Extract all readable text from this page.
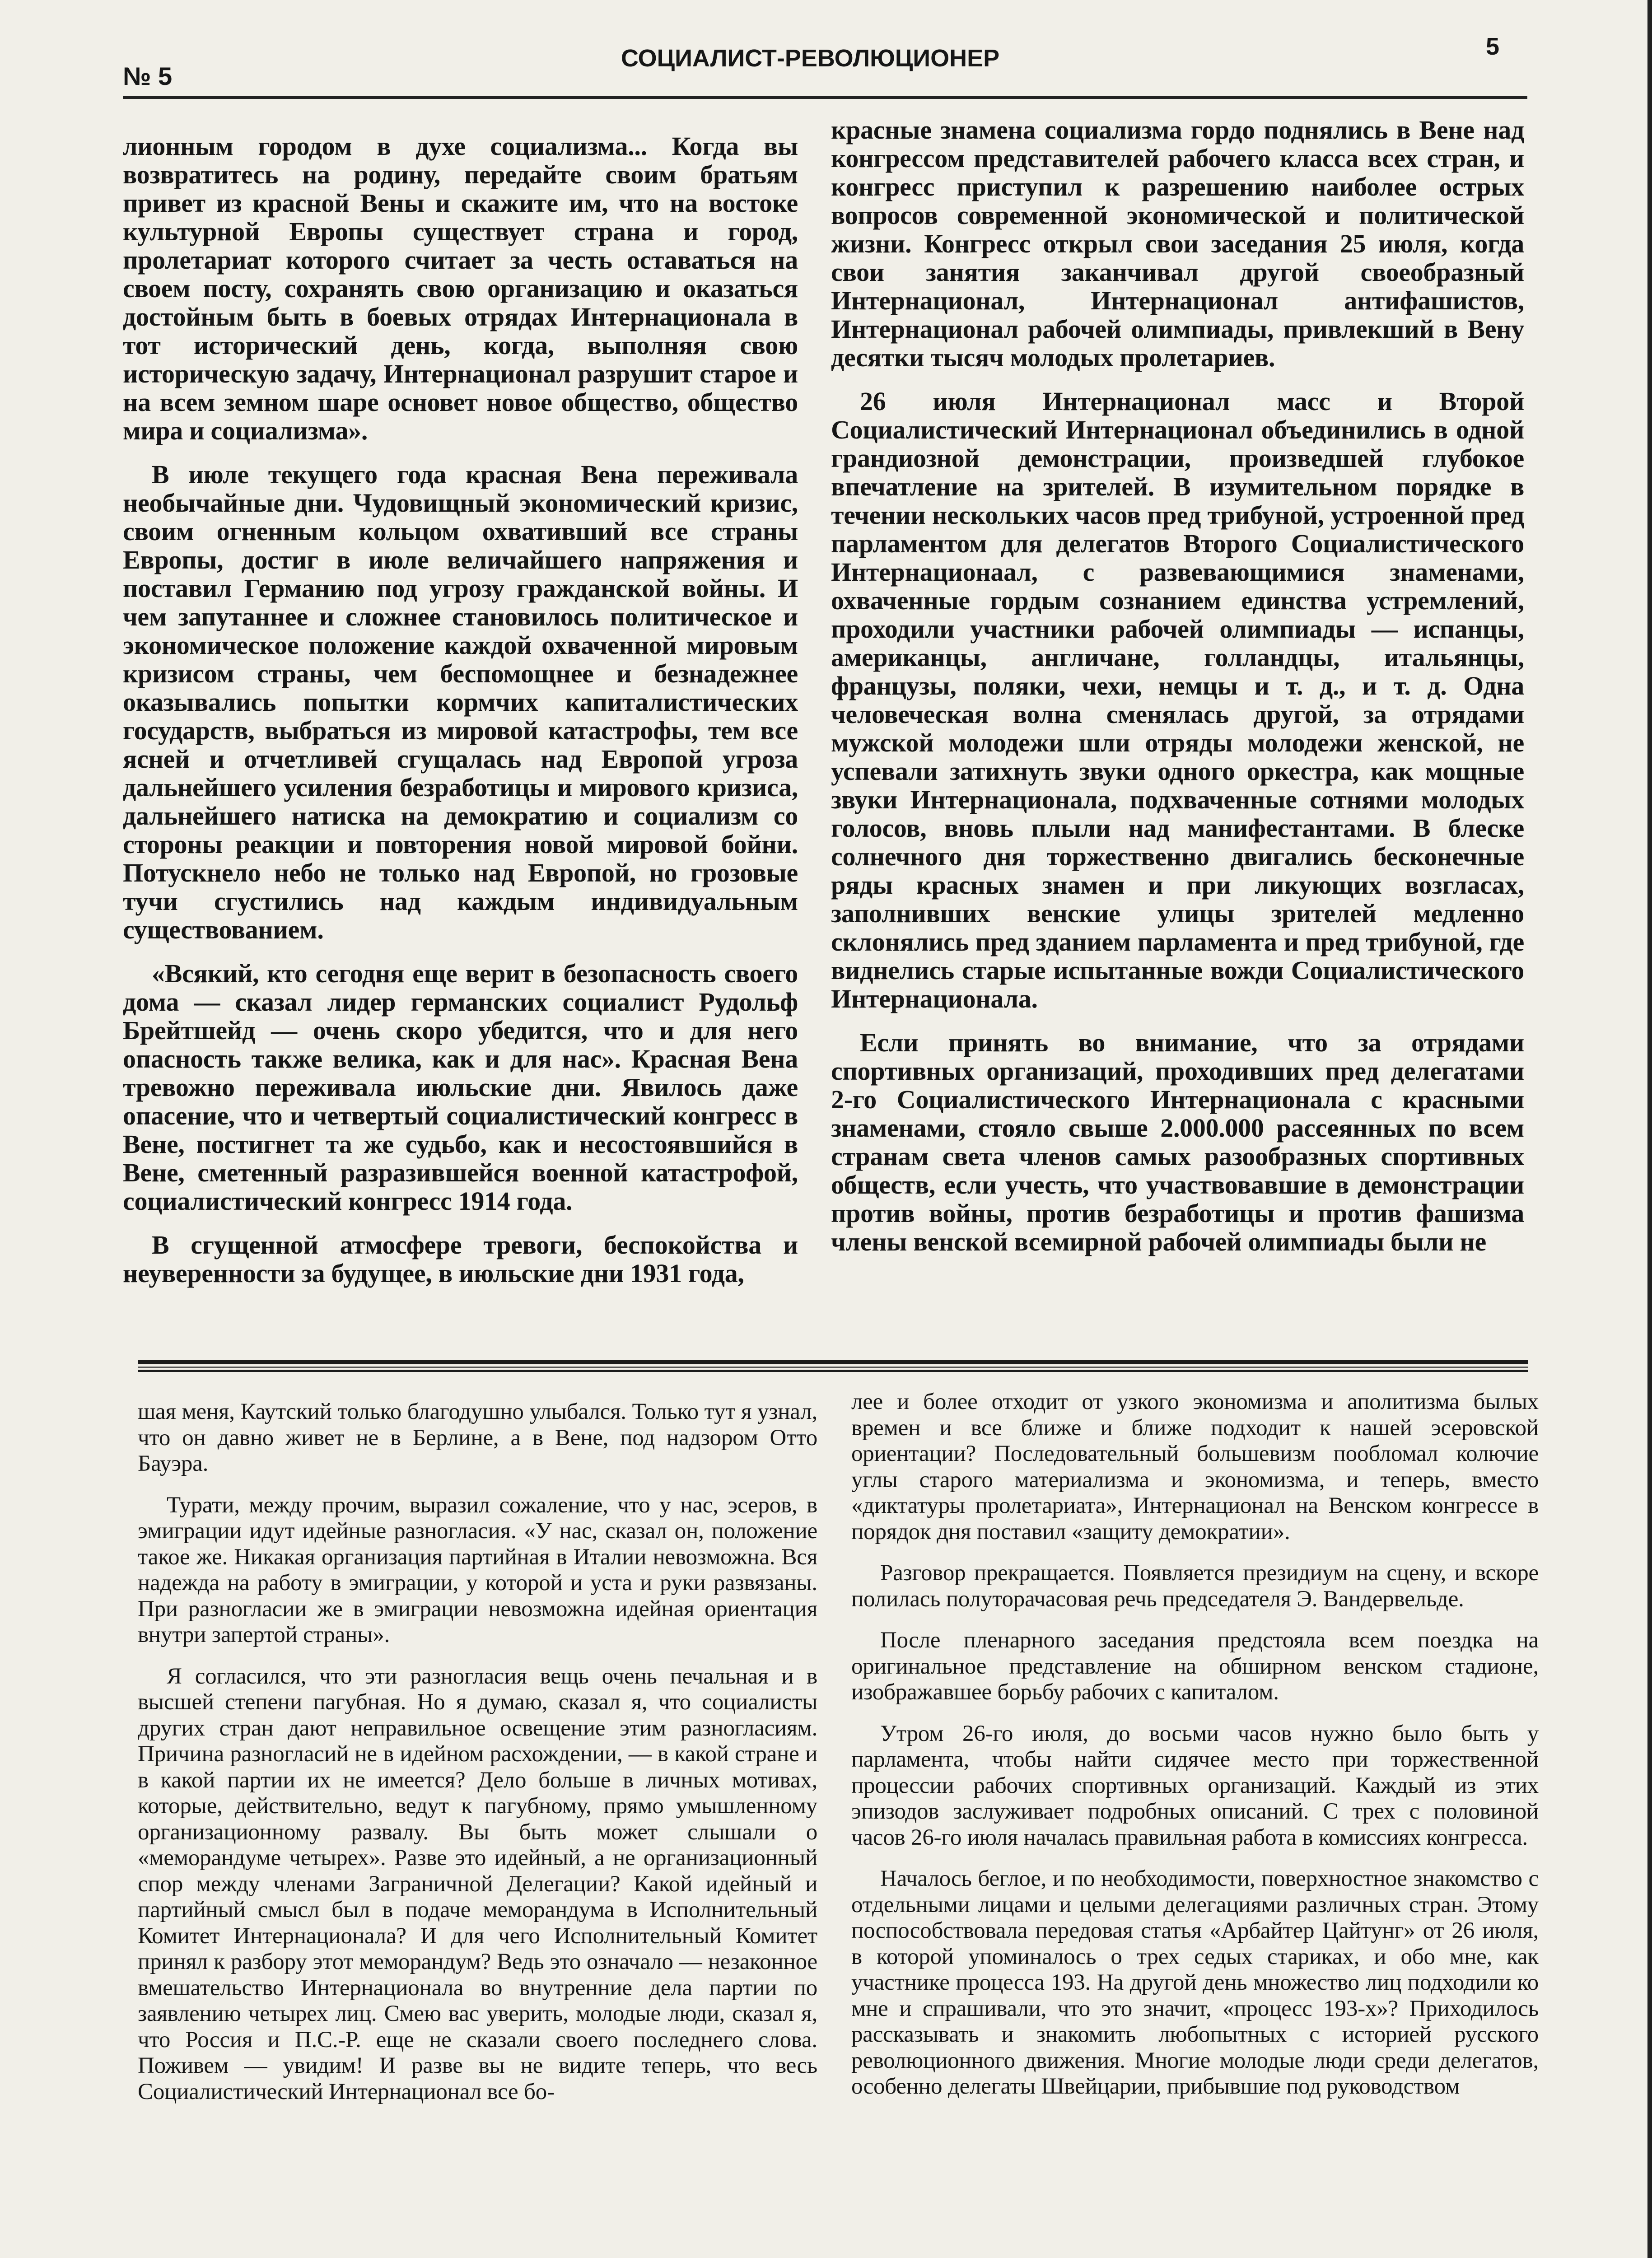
№ 5
СОЦИАЛИСТ-РЕВОЛЮЦИОНЕР	5

лионным городом в духе социализма... Когда вы возвратитесь на родину, передайте своим братьям привет из красной Вены и скажите им, что на востоке культурной Европы существует страна и город, пролетариат которого считает за честь оставаться на своем посту, сохранять свою организацию и оказаться достойным быть в боевых отрядах Интернационала в тот исторический день, когда, выполняя свою историческую задачу, Интернационал разрушит старое и на всем земном шаре основет новое общество, общество мира и социализма».

В июле текущего года красная Вена переживала необычайные дни. Чудовищный экономический кризис, своим огненным кольцом охвативший все страны Европы, достиг в июле величайшего напряжения и поставил Германию под угрозу гражданской войны. И чем запутаннее и сложнее становилось политическое и экономическое положение каждой охваченной мировым кризисом страны, чем беспомощнее и безнадежнее оказывались попытки кормчих капиталистических государств, выбраться из мировой катастрофы, тем все ясней и отчетливей сгущалась над Европой угроза дальнейшего усиления безработицы и мирового кризиса, дальнейшего натиска на демократию и социализм со стороны реакции и повторения новой мировой бойни. Потускнело небо не только над Европой, но грозовые тучи сгустились над каждым индивидуальным существованием.

«Всякий, кто сегодня еще верит в безопасность своего дома — сказал лидер германских социалист Рудольф Брейтшейд — очень скоро убедится, что и для него опасность также велика, как и для нас». Красная Вена тревожно переживала июльские дни. Явилось даже опасение, что и четвертый социалистический конгресс в Вене, постигнет та же судьбо, как и несостоявшийся в Вене, сметенный разразившейся военной катастрофой, социалистический конгресс 1914 года.

В сгущенной атмосфере тревоги, беспокойства и неуверенности за будущее, в июльские дни 1931 года,

красные знамена социализма гордо поднялись в Вене над конгрессом представителей рабочего класса всех стран, и конгресс приступил к разрешению наиболее острых вопросов современной экономической и политической жизни. Конгресс открыл свои заседания 25 июля, когда свои занятия заканчивал другой своеобразный Интернационал, Интернационал антифашистов, Интернационал рабочей олимпиады, привлекший в Вену десятки тысяч молодых пролетариев.

26 июля Интернационал масс и Второй Социалистический Интернационал объединились в одной грандиозной демонстрации, произведшей глубокое впечатление на зрителей. В изумительном порядке в течении нескольких часов пред трибуной, устроенной пред парламентом для делегатов Второго Социалистического Интернационаал, с развевающимися знаменами, охваченные гордым сознанием единства устремлений, проходили участники рабочей олимпиады — испанцы, американцы, англичане, голландцы, итальянцы, французы, поляки, чехи, немцы и т. д., и т. д. Одна человеческая волна сменялась другой, за отрядами мужской молодежи шли отряды молодежи женской, не успевали затихнуть звуки одного оркестра, как мощные звуки Интернационала, подхваченные сотнями молодых голосов, вновь плыли над манифестантами. В блеске солнечного дня торжественно двигались бесконечные ряды красных знамен и при ликующих возгласах, заполнивших венские улицы зрителей медленно склонялись пред зданием парламента и пред трибуной, где виднелись старые испытанные вожди Социалистического Интернационала.

Если принять во внимание, что за отрядами спортивных организаций, проходивших пред делегатами 2-го Социалистического Интернационала с красными знаменами, стояло свыше 2.000.000 рассеянных по всем странам света членов самых разообразных спортивных обществ, если учесть, что участвовавшие в демонстрации против войны, против безработицы и против фашизма члены венской всемирной рабочей олимпиады были не

шая меня, Каутский только благодушно улыбался. Только тут я узнал, что он давно живет не в Берлине, а в Вене, под надзором Отто Бауэра.

Турати, между прочим, выразил сожаление, что у нас, эсеров, в эмиграции идут идейные разногласия. «У нас, сказал он, положение такое же. Никакая организация партийная в Италии невозможна. Вся надежда на работу в эмиграции, у которой и уста и руки развязаны. При разногласии же в эмиграции невозможна идейная ориентация внутри запертой страны».

Я согласился, что эти разногласия вещь очень печальная и в высшей степени пагубная. Но я думаю, сказал я, что социалисты других стран дают неправильное освещение этим разногласиям. Причина разногласий не в идейном расхождении, — в какой стране и в какой партии их не имеется? Дело больше в личных мотивах, которые, действительно, ведут к пагубному, прямо умышленному организационному развалу. Вы быть может слышали о «меморандуме четырех». Разве это идейный, а не организационный спор между членами Заграничной Делегации? Какой идейный и партийный смысл был в подаче меморандума в Исполнительный Комитет Интернационала? И для чего Исполнительный Комитет принял к разбору этот меморандум? Ведь это означало — незаконное вмешательство Интернационала во внутренние дела партии по заявлению четырех лиц. Смею вас уверить, молодые люди, сказал я, что Россия и П.С.-Р. еще не сказали своего последнего слова. Поживем — увидим! И разве вы не видите теперь, что весь Социалистический Интернационал все бо-

лее и более отходит от узкого экономизма и аполитизма былых времен и все ближе и ближе подходит к нашей эсеровской ориентации? Последовательный большевизм пообломал колючие углы старого материализма и экономизма, и теперь, вместо «диктатуры пролетариата», Интернационал на Венском конгрессе в порядок дня поставил «защиту демократии».

Разговор прекращается. Появляется президиум на сцену, и вскоре полилась полуторачасовая речь председателя Э. Вандервельде.

После пленарного заседания предстояла всем поездка на оригинальное представление на обширном венском стадионе, изображавшее борьбу рабочих с капиталом.

Утром 26-го июля, до восьми часов нужно было быть у парламента, чтобы найти сидячее место при торжественной процессии рабочих спортивных организаций. Каждый из этих эпизодов заслуживает подробных описаний. С трех с половиной часов 26-го июля началась правильная работа в комиссиях конгресса.

Началось беглое, и по необходимости, поверхностное знакомство с отдельными лицами и целыми делегациями различных стран. Этому поспособствовала передовая статья «Арбайтер Цайтунг» от 26 июля, в которой упоминалось о трех седых стариках, и обо мне, как участнике процесса 193. На другой день множество лиц подходили ко мне и спрашивали, что это значит, «процесс 193-х»? Приходилось рассказывать и знакомить любопытных с историей русского революционного движения. Многие молодые люди среди делегатов, особенно делегаты Швейцарии, прибывшие под руководством
